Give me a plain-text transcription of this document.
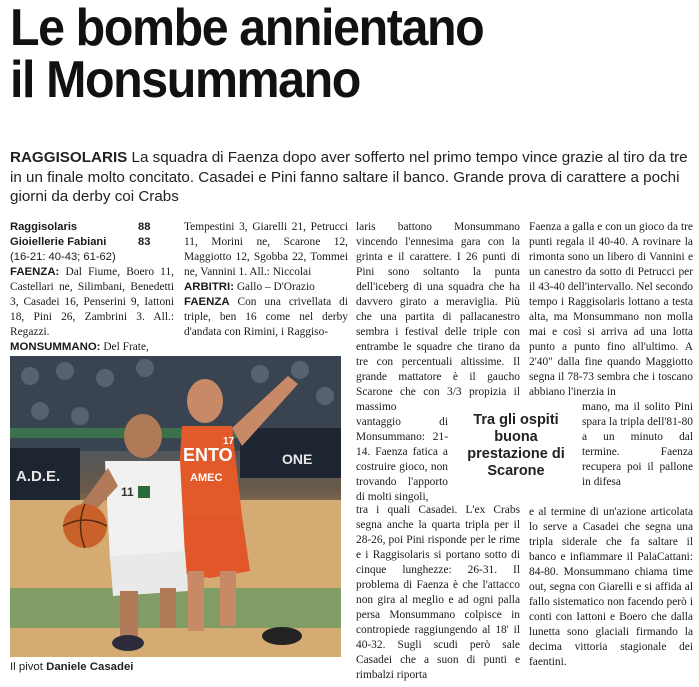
Le bombe annientano
il Monsummano
RAGGISOLARIS La squadra di Faenza dopo aver sofferto nel primo tempo vince grazie al tiro da tre in un finale molto concitato. Casadei e Pini fanno saltare il banco. Grande prova di carattere a pochi giorni da derby coi Crabs
Raggisolaris	88
Gioiellerie Fabiani	83
(16-21: 40-43; 61-62)

FAENZA: Dal Fiume, Boero 11, Castellari ne, Silimbani, Benedetti 3, Casadei 16, Penserini 9, Iattoni 18, Pini 26, Zambrini 3. All.: Regazzi.

MONSUMMANO: Del Frate,

Tempestini 3, Giarelli 21, Petrucci 11, Morini ne, Scarone 12, Maggiotto 12, Sgobba 22, Tommei ne, Vannini 1. All.: Niccolai

ARBITRI: Gallo – D'Orazio

FAENZA Con una crivellata di triple, ben 16 come nel derby d'andata con Rimini, i Raggiso-

laris battono Monsummano vincendo l'ennesima gara con la grinta e il carattere. I 26 punti di Pini sono soltanto la punta dell'iceberg di una squadra che ha davvero girato a meraviglia. Più che una partita di pallacanestro sembra i festival delle triple con entrambe le squadre che tirano da tre con percentuali altissime. Il grande mattatore è il gaucho Scarone che con 3/3 propizia il massimo

vantaggio di Monsummano: 21-14. Faenza fatica a costruire gioco, non trovando l'apporto di molti singoli,

tra i quali Casadei. L'ex Crabs segna anche la quarta tripla per il 28-26, poi Pini risponde per le rime e i Raggisolaris si portano sotto di cinque lunghezze: 26-31. Il problema di Faenza è che l'attacco non gira al meglio e ad ogni palla persa Monsummano colpisce in contropiede raggiungendo al 18' il 40-32. Sugli scudi però sale Casadei che a suon di punti e rimbalzi riporta

Faenza a galla e con un gioco da tre punti regala il 40-40. A rovinare la rimonta sono un libero di Vannini e un canestro da sotto di Petrucci per il 43-40 dell'intervallo. Nel secondo tempo i Raggisolaris lottano a testa alta, ma Monsummano non molla mai e così si arriva ad una lotta punto a punto fino all'ultimo. A 2'40" dalla fine quando Maggiotto segna il 78-73 sembra che i toscano abbiano l'inerzia in

mano, ma il solito Pini spara la tripla dell'81-80 a un minuto dal termine. Faenza recupera poi il pallone in difesa

e al termine di un'azione articolata lo serve a Casadei che segna una tripla siderale che fa saltare il banco e infiammare il PalaCattani: 84-80. Monsummano chiama time out, segna con Giarelli e si affida al fallo sistematico non facendo però i conti con Iattoni e Boero che dalla lunetta sono glaciali firmando la decima vittoria stagionale dei faentini.

Tra gli ospiti buona prestazione di Scarone
A.D.E.
ONE
ENTO
AMEC
17
11
Il pivot Daniele Casadei
